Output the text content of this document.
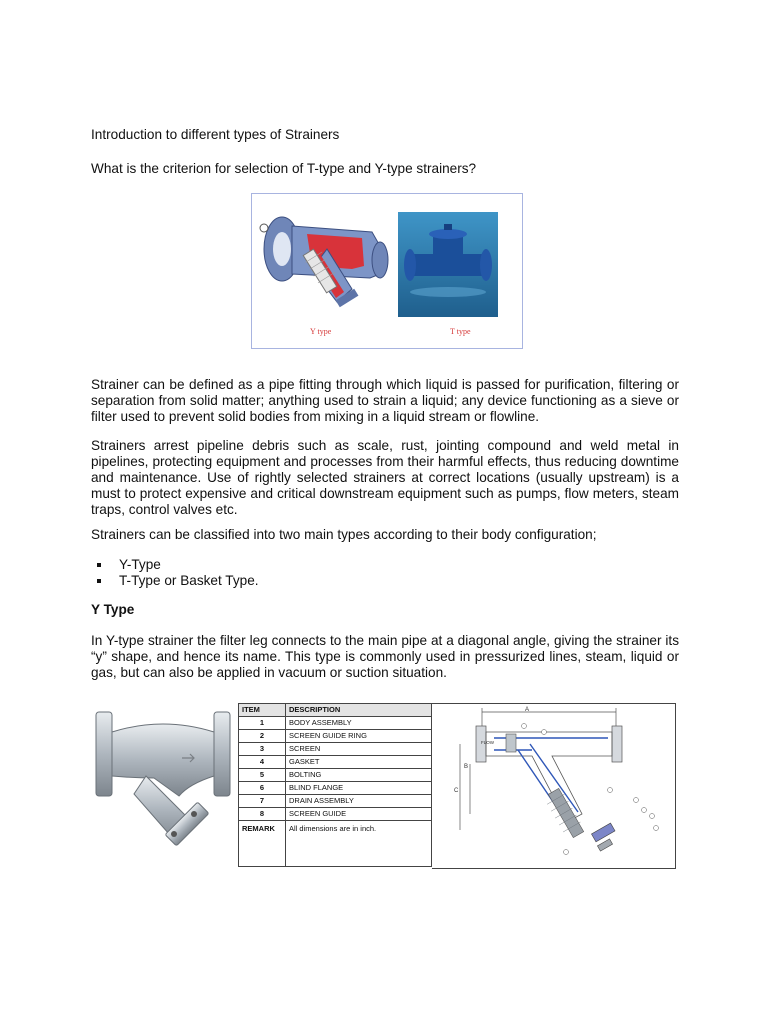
Introduction to different types of Strainers

What is the criterion for selection of T-type and Y-type strainers?

Y type	T type

Strainer can be defined as a pipe fitting through which liquid is passed for purification, filtering or separation from solid matter; anything used to strain a liquid; any device functioning as a sieve or filter used to prevent solid bodies from mixing in a liquid stream or flowline.

Strainers arrest pipeline debris such as scale, rust, jointing compound and weld metal in pipelines, protecting equipment and processes from their harmful effects, thus reducing downtime and maintenance. Use of rightly selected strainers at correct locations (usually upstream) is a must to protect expensive and critical downstream equipment such as pumps, flow meters, steam traps, control valves etc.

Strainers can be classified into two main types according to their body configuration;

Y-Type
T-Type or Basket Type.

Y Type

In Y-type strainer the filter leg connects to the main pipe at a diagonal angle, giving the strainer its “y” shape, and hence its name. This type is commonly used in pressurized lines, steam, liquid or gas, but can also be applied in vacuum or suction situation.

ITEM	DESCRIPTION
1	BODY ASSEMBLY
2	SCREEN GUIDE RING
3	SCREEN
4	GASKET
5	BOLTING
6	BLIND FLANGE
7	DRAIN ASSEMBLY
8	SCREEN GUIDE
REMARK	All dimensions are in inch.
A
FLOW
B
C
